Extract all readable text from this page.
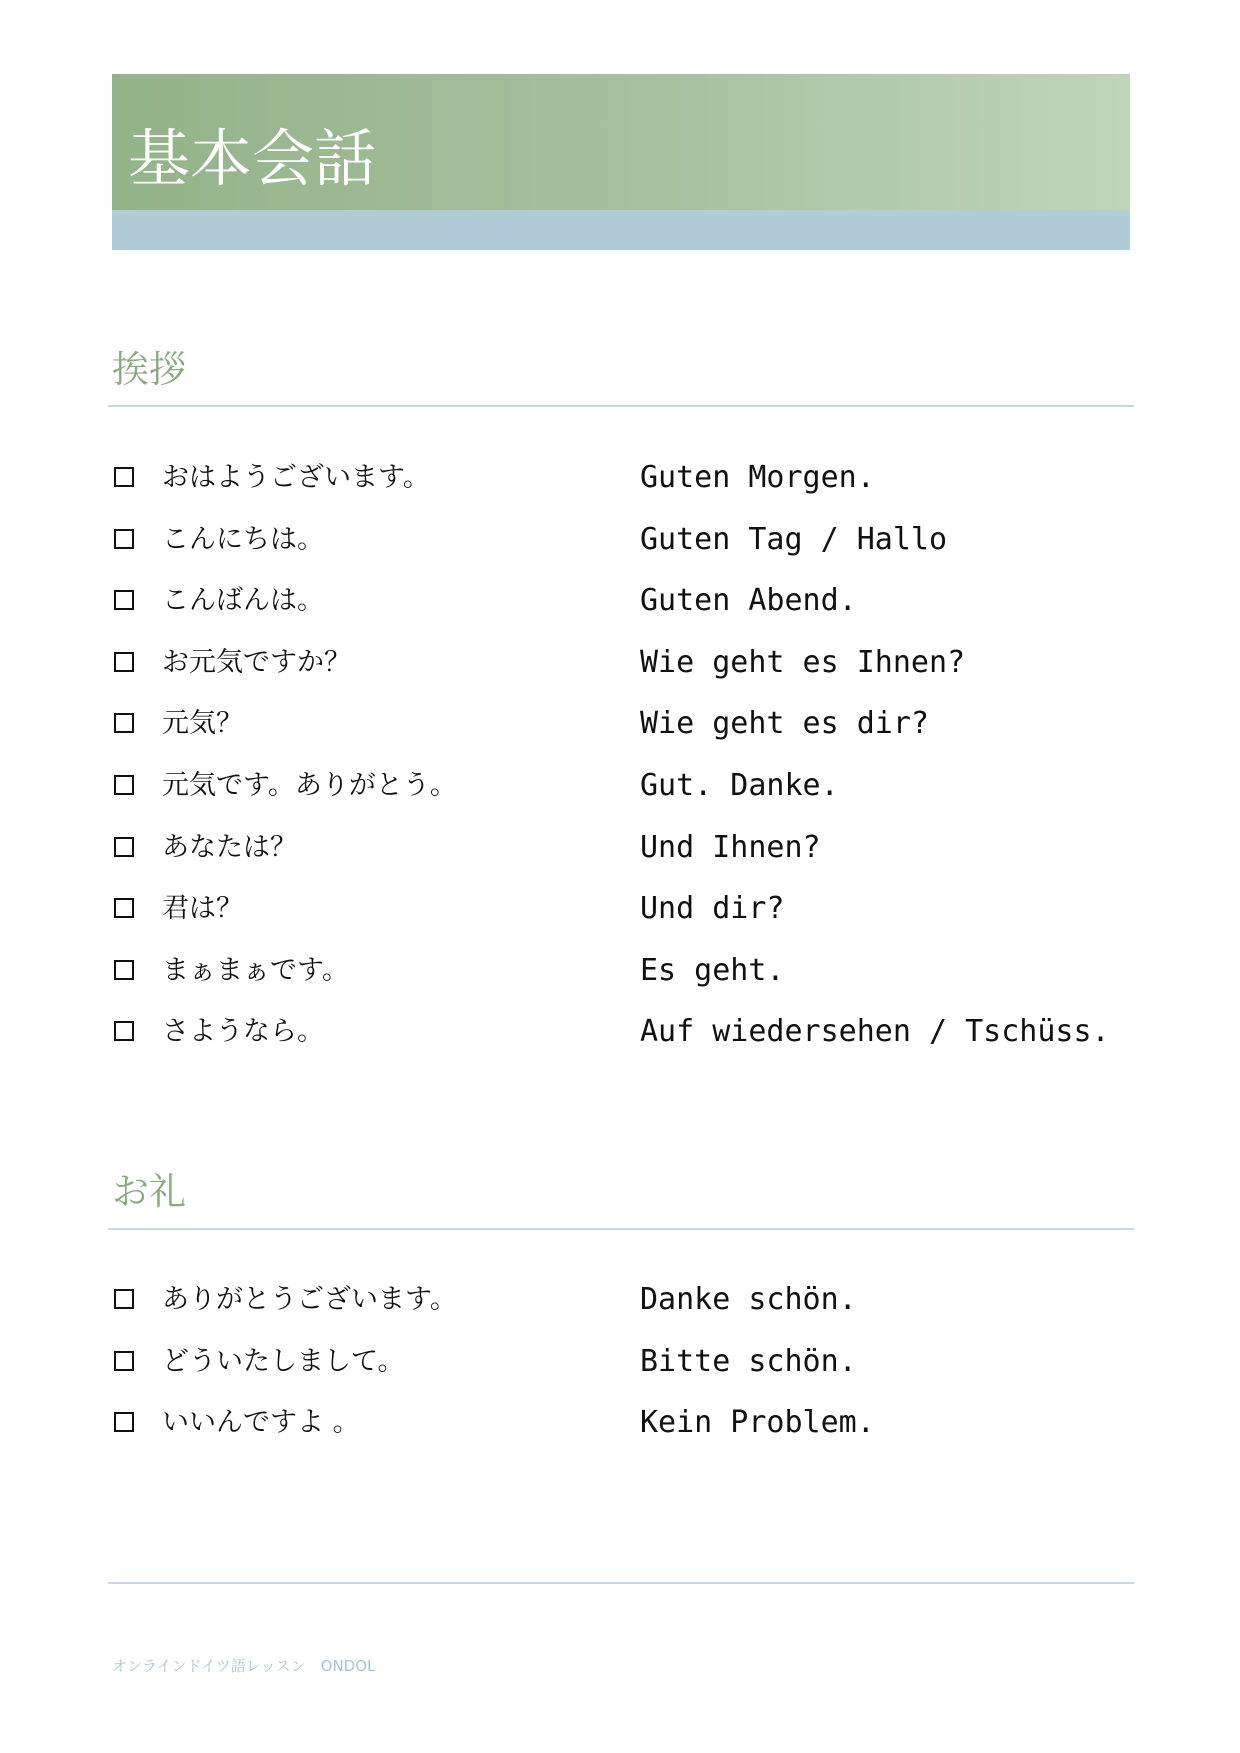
基本会話
挨拶
おはようございます。	Guten Morgen.
こんにちは。	Guten Tag / Hallo
こんばんは。	Guten Abend.
お元気ですか？	Wie geht es Ihnen?
元気？	Wie geht es dir?
元気です。ありがとう。	Gut. Danke.
あなたは？	Und Ihnen?
君は？	Und dir?
まぁまぁです。	Es geht.
さようなら。	Auf wiedersehen / Tschüss.
お礼
ありがとうございます。	Danke schön.
どういたしまして。	Bitte schön.
いいんですよ 。	Kein Problem.
オンラインドイツ語レッスン　ONDOL
